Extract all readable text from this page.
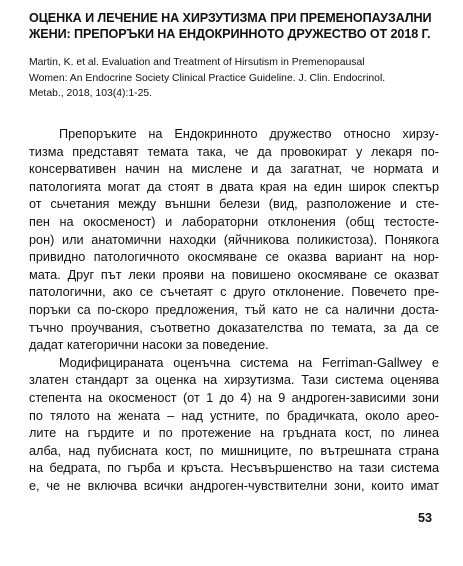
ОЦЕНКА И ЛЕЧЕНИЕ НА ХИРЗУТИЗМА ПРИ ПРЕМЕНОПАУЗАЛНИ
ЖЕНИ: ПРЕПОРЪКИ НА ЕНДОКРИННОТО ДРУЖЕСТВО ОТ 2018 Г.
Martin, K. et al. Evaluation and Treatment of Hirsutism in Premenopausal
Women: An Endocrine Society Clinical Practice Guideline. J. Clin. Endocrinol.
Metab., 2018, 103(4):1-25.
Препоръките на Ендокринното дружество относно хирзу-
тизма представят темата така, че да провокират у лекаря по-
консервативен начин на мислене и да загатнат, че нормата и
патологията могат да стоят в двата края на един широк спектър
от сьчетания между външни белези (вид, разположение и сте-
пен на окосменост) и лабораторни отклонения (общ тестосте-
рон) или анатомични находки (яйчникова поликистоза). Понякога
привидно патологичното окосмяване се оказва вариант на нор-
мата. Друг път леки прояви на повишено окосмяване се оказват
патологични, ако се съчетаят с друго отклонение. Повечето пре-
поръки са по-скоро предложения, тъй като не са налични доста-
тъчно проучвания, съответно доказателства по темата, за да се
дадат категорични насоки за поведение.
Модифицираната оценъчна система на Ferriman-Gallwey е
златен стандарт за оценка на хирзутизма. Тази система оценява
степента на окосменост (от 1 до 4) на 9 андроген-зависими зони
по тялото на жената – над устните, по брадичката, около арео-
лите на гърдите и по протежение на гръдната кост, по линеа
алба, над пубисната кост, по мишниците, по вътрешната страна
на бедрата, по гърба и кръста. Несъвършенство на тази система
е, че не включва всички андроген-чувствителни зони, които имат
53
